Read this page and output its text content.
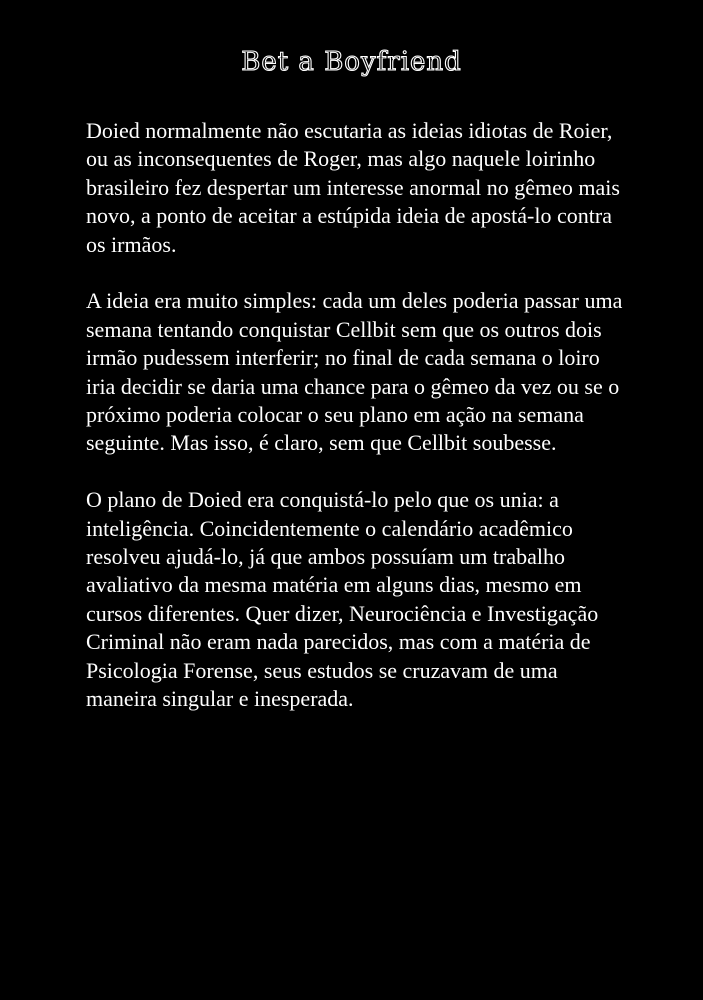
Bet a Boyfriend

Doied normalmente não escutaria as ideias idiotas de Roier, ou as inconsequentes de Roger, mas algo naquele loirinho brasileiro fez despertar um interesse anormal no gêmeo mais novo, a ponto de aceitar a estúpida ideia de apostá-lo contra os irmãos.

A ideia era muito simples: cada um deles poderia passar uma semana tentando conquistar Cellbit sem que os outros dois irmão pudessem interferir; no final de cada semana o loiro iria decidir se daria uma chance para o gêmeo da vez ou se o próximo poderia colocar o seu plano em ação na semana seguinte. Mas isso, é claro, sem que Cellbit soubesse.

O plano de Doied era conquistá-lo pelo que os unia: a inteligência. Coincidentemente o calendário acadêmico resolveu ajudá-lo, já que ambos possuíam um trabalho avaliativo da mesma matéria em alguns dias, mesmo em cursos diferentes. Quer dizer, Neurociência e Investigação Criminal não eram nada parecidos, mas com a matéria de Psicologia Forense, seus estudos se cruzavam de uma maneira singular e inesperada.
